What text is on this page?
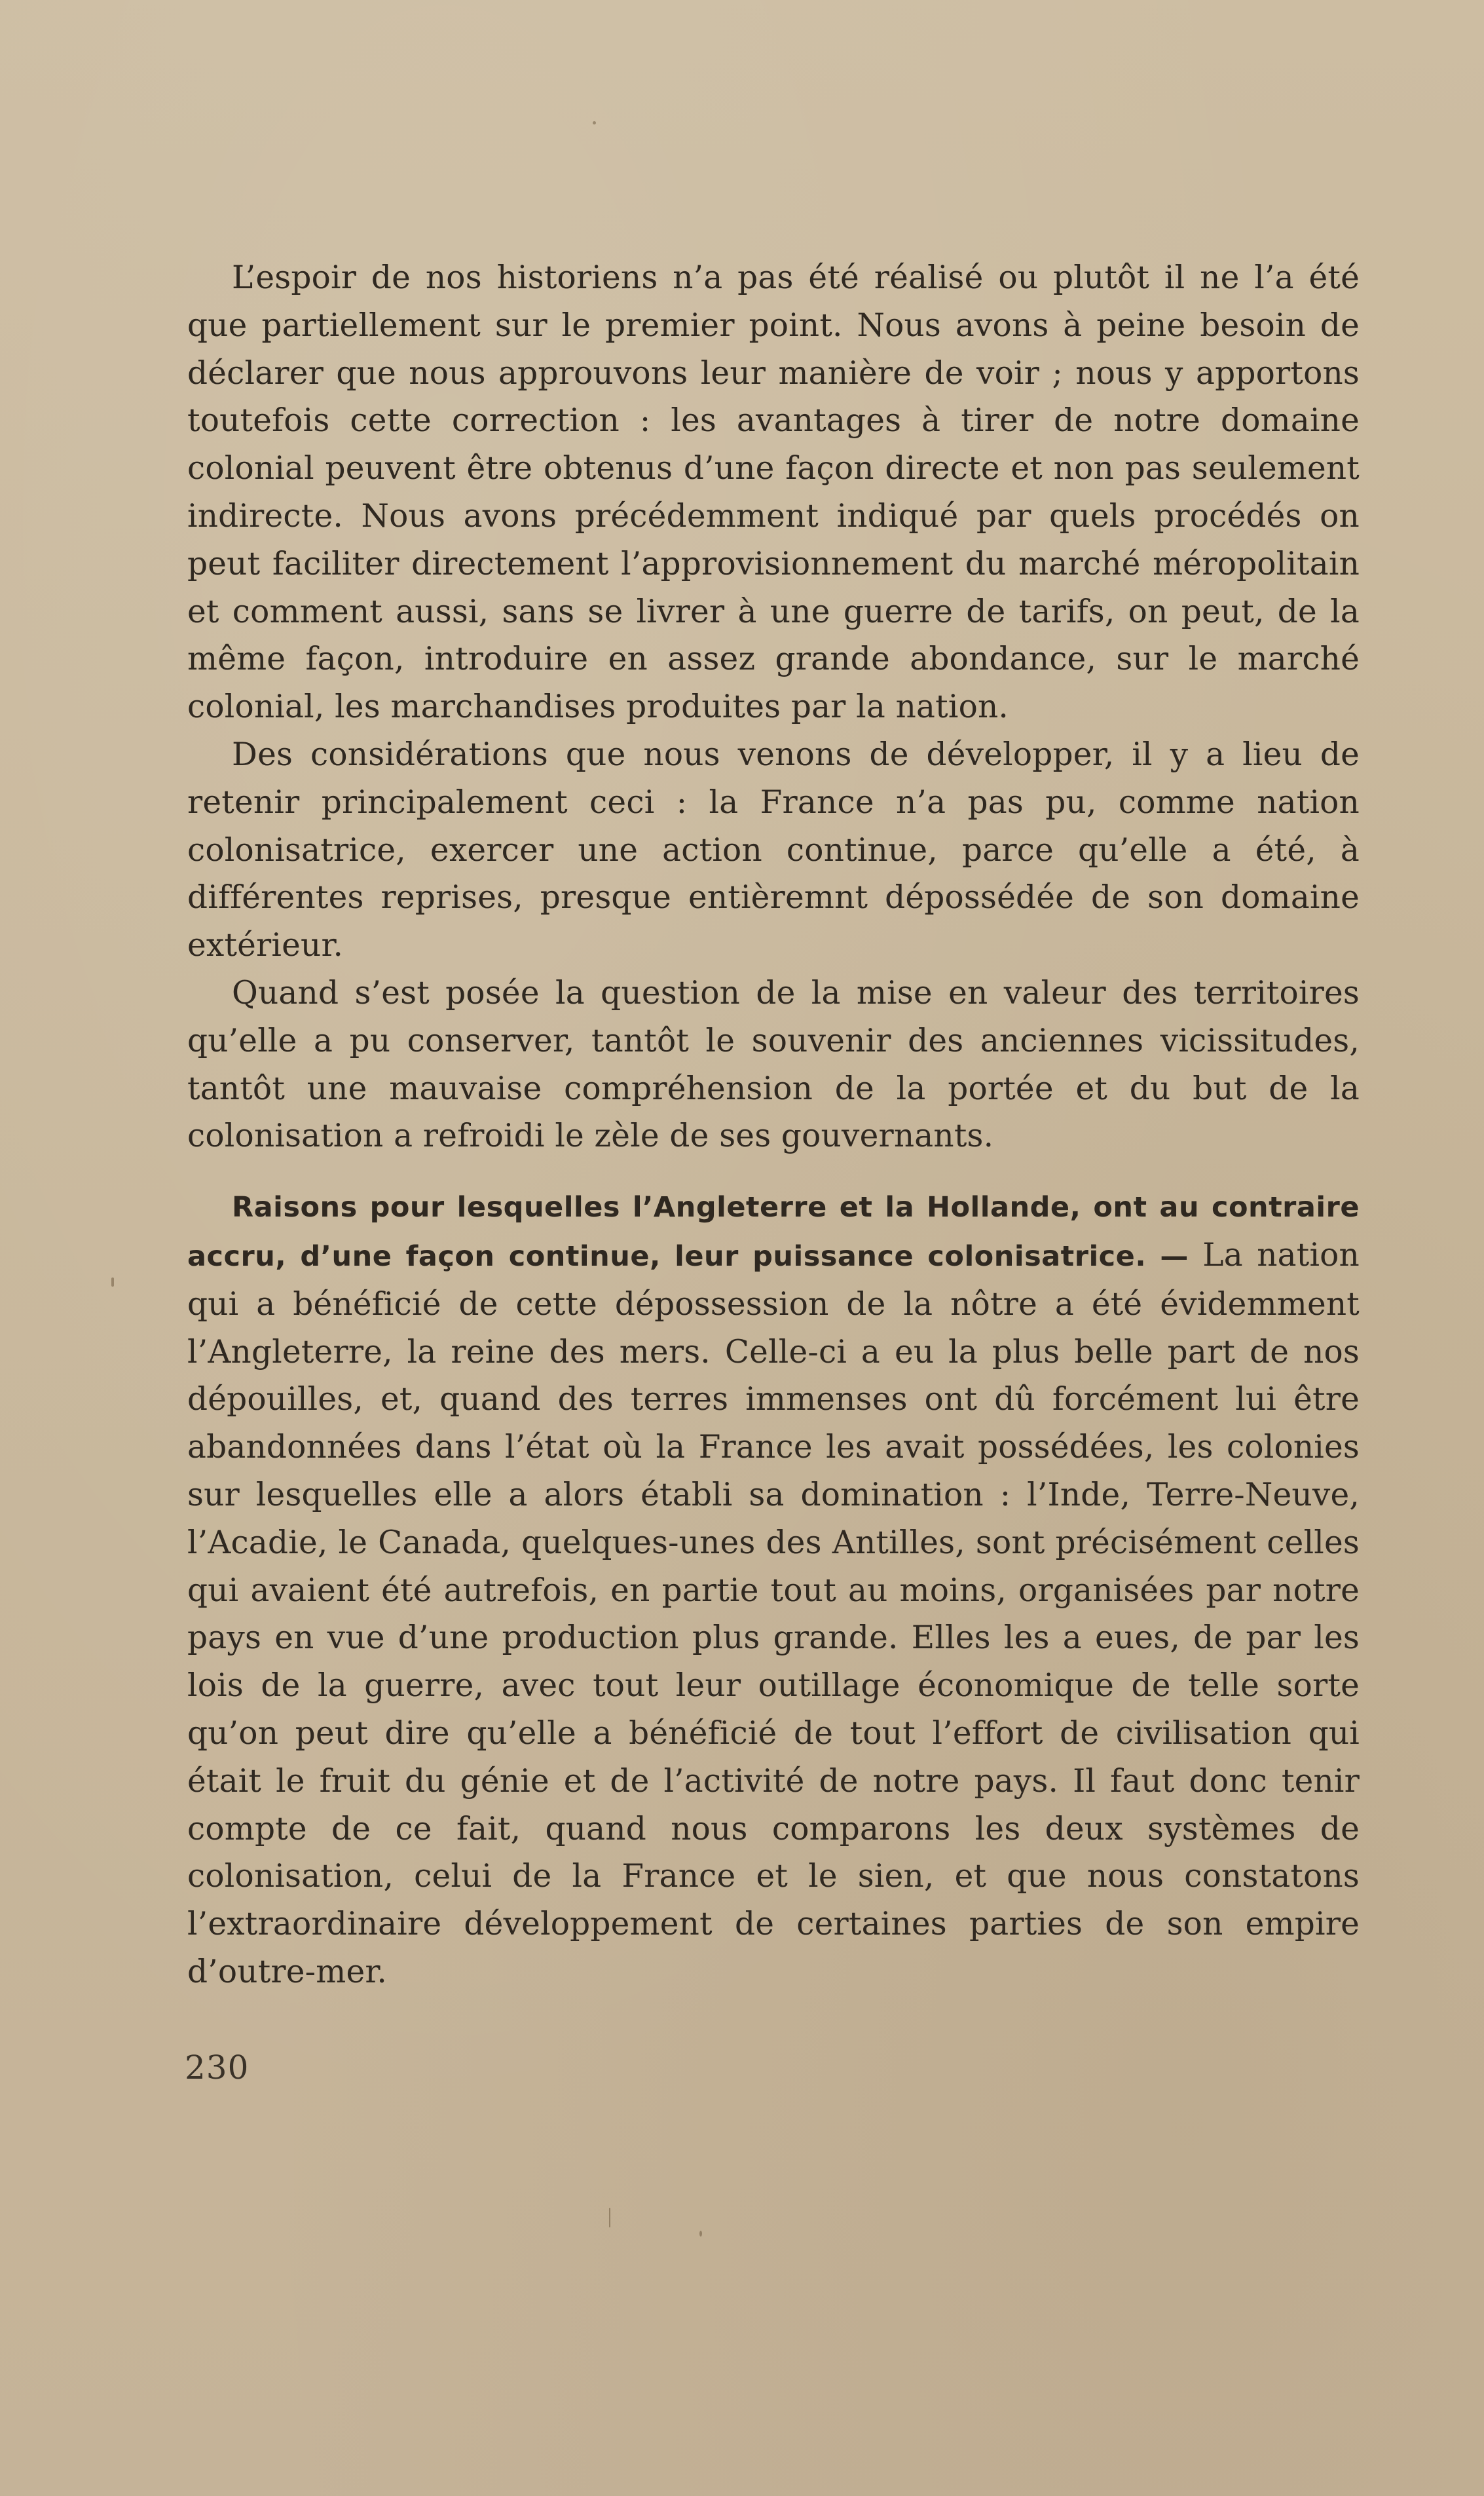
L’espoir de nos historiens n’a pas été réalisé ou plutôt il ne l’a été que partiellement sur le premier point. Nous avons à peine besoin de déclarer que nous approuvons leur manière de voir ; nous y apportons toutefois cette correction : les avantages à tirer de notre domaine colonial peuvent être obtenus d’une façon directe et non pas seulement indirecte. Nous avons précédemment indiqué par quels procédés on peut faciliter directement l’approvisionnement du marché méropolitain et comment aussi, sans se livrer à une guerre de tarifs, on peut, de la même façon, introduire en assez grande abondance, sur le marché colonial, les marchandises produites par la nation.

Des considérations que nous venons de développer, il y a lieu de retenir principalement ceci : la France n’a pas pu, comme nation colonisatrice, exercer une action continue, parce qu’elle a été, à différentes reprises, presque entièremnt dépossédée de son domaine extérieur.

Quand s’est posée la question de la mise en valeur des territoires qu’elle a pu conserver, tantôt le souvenir des anciennes vicissitudes, tantôt une mauvaise compréhension de la portée et du but de la colonisation a refroidi le zèle de ses gouvernants.

Raisons pour lesquelles l’Angleterre et la Hollande, ont au contraire accru, d’une façon continue, leur puissance colonisatrice. — La nation qui a bénéficié de cette dépossession de la nôtre a été évidemment l’Angleterre, la reine des mers. Celle-ci a eu la plus belle part de nos dépouilles, et, quand des terres immenses ont dû forcément lui être abandonnées dans l’état où la France les avait possédées, les colonies sur lesquelles elle a alors établi sa domination : l’Inde, Terre-Neuve, l’Acadie, le Canada, quelques-unes des Antilles, sont précisément celles qui avaient été autrefois, en partie tout au moins, organisées par notre pays en vue d’une production plus grande. Elles les a eues, de par les lois de la guerre, avec tout leur outillage économique de telle sorte qu’on peut dire qu’elle a bénéficié de tout l’effort de civilisation qui était le fruit du génie et de l’activité de notre pays. Il faut donc tenir compte de ce fait, quand nous comparons les deux systèmes de colonisation, celui de la France et le sien, et que nous constatons l’extraordinaire développement de certaines parties de son empire d’outre-mer.

230
